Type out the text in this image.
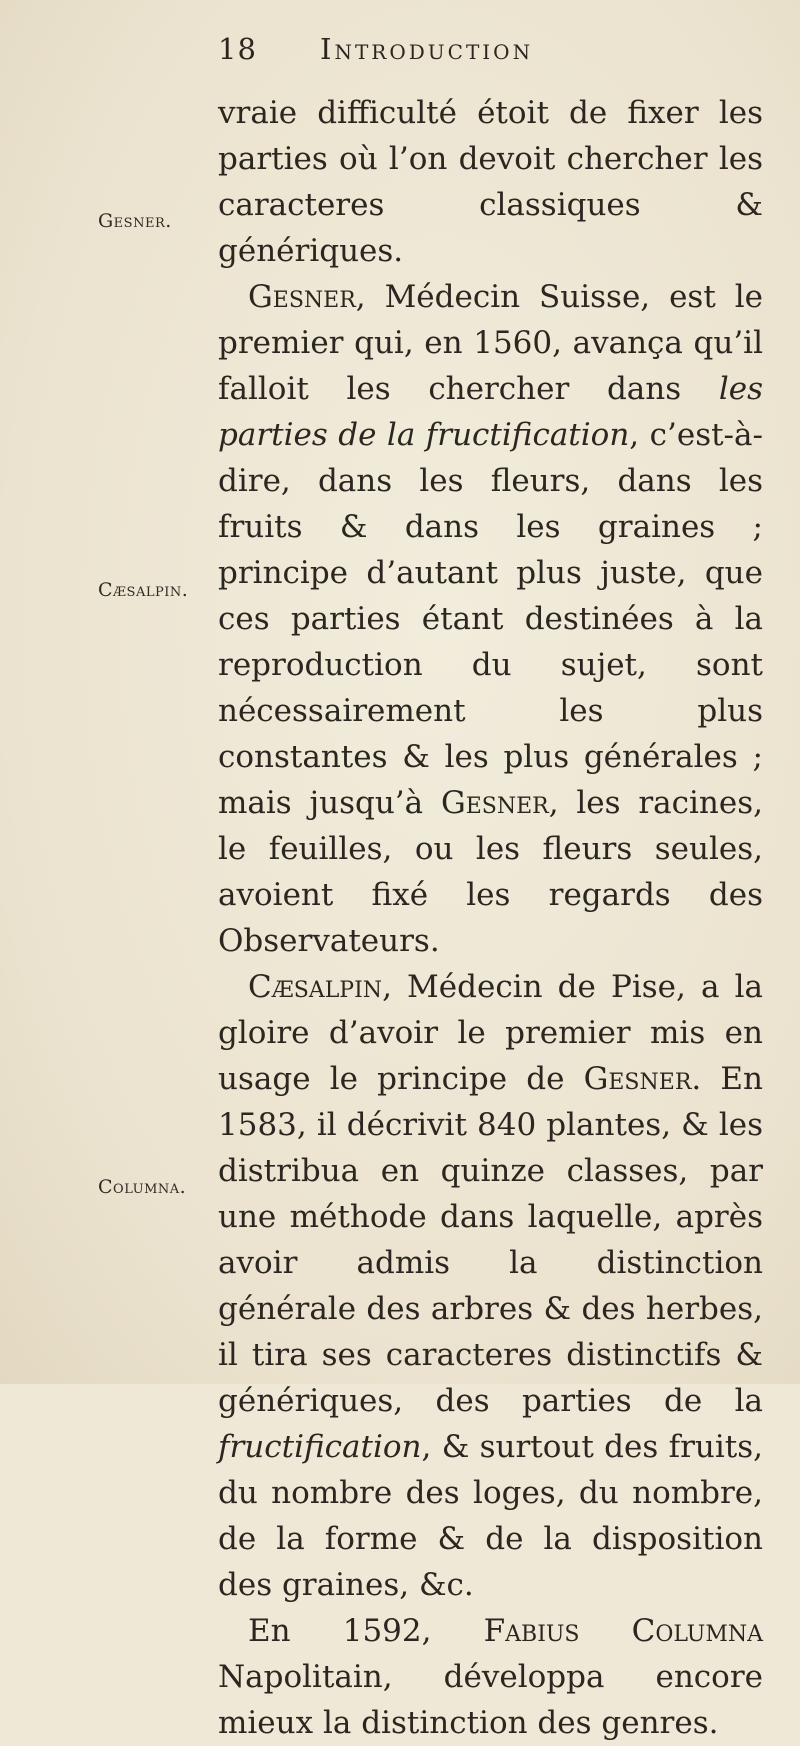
18 Introduction
Gesner.
Cæsalpin.
Columna.

vraie difficulté étoit de fixer les parties où l’on devoit chercher les caracteres classiques & génériques.

Gesner, Médecin Suisse, est le premier qui, en 1560, avança qu’il falloit les chercher dans les parties de la fructification, c’est-à-dire, dans les fleurs, dans les fruits & dans les graines ; principe d’autant plus juste, que ces parties étant destinées à la reproduction du sujet, sont nécessairement les plus constantes & les plus générales ; mais jusqu’à Gesner, les racines, le feuilles, ou les fleurs seules, avoient fixé les regards des Observateurs.

Cæsalpin, Médecin de Pise, a la gloire d’avoir le premier mis en usage le principe de Gesner. En 1583, il décrivit 840 plantes, & les distribua en quinze classes, par une méthode dans laquelle, après avoir admis la distinction générale des arbres & des herbes, il tira ses caracteres distinctifs & génériques, des parties de la fructification, & surtout des fruits, du nombre des loges, du nombre, de la forme & de la disposition des graines, &c.

En 1592, Fabius Columna Napolitain, développa encore mieux la distinction des genres.
